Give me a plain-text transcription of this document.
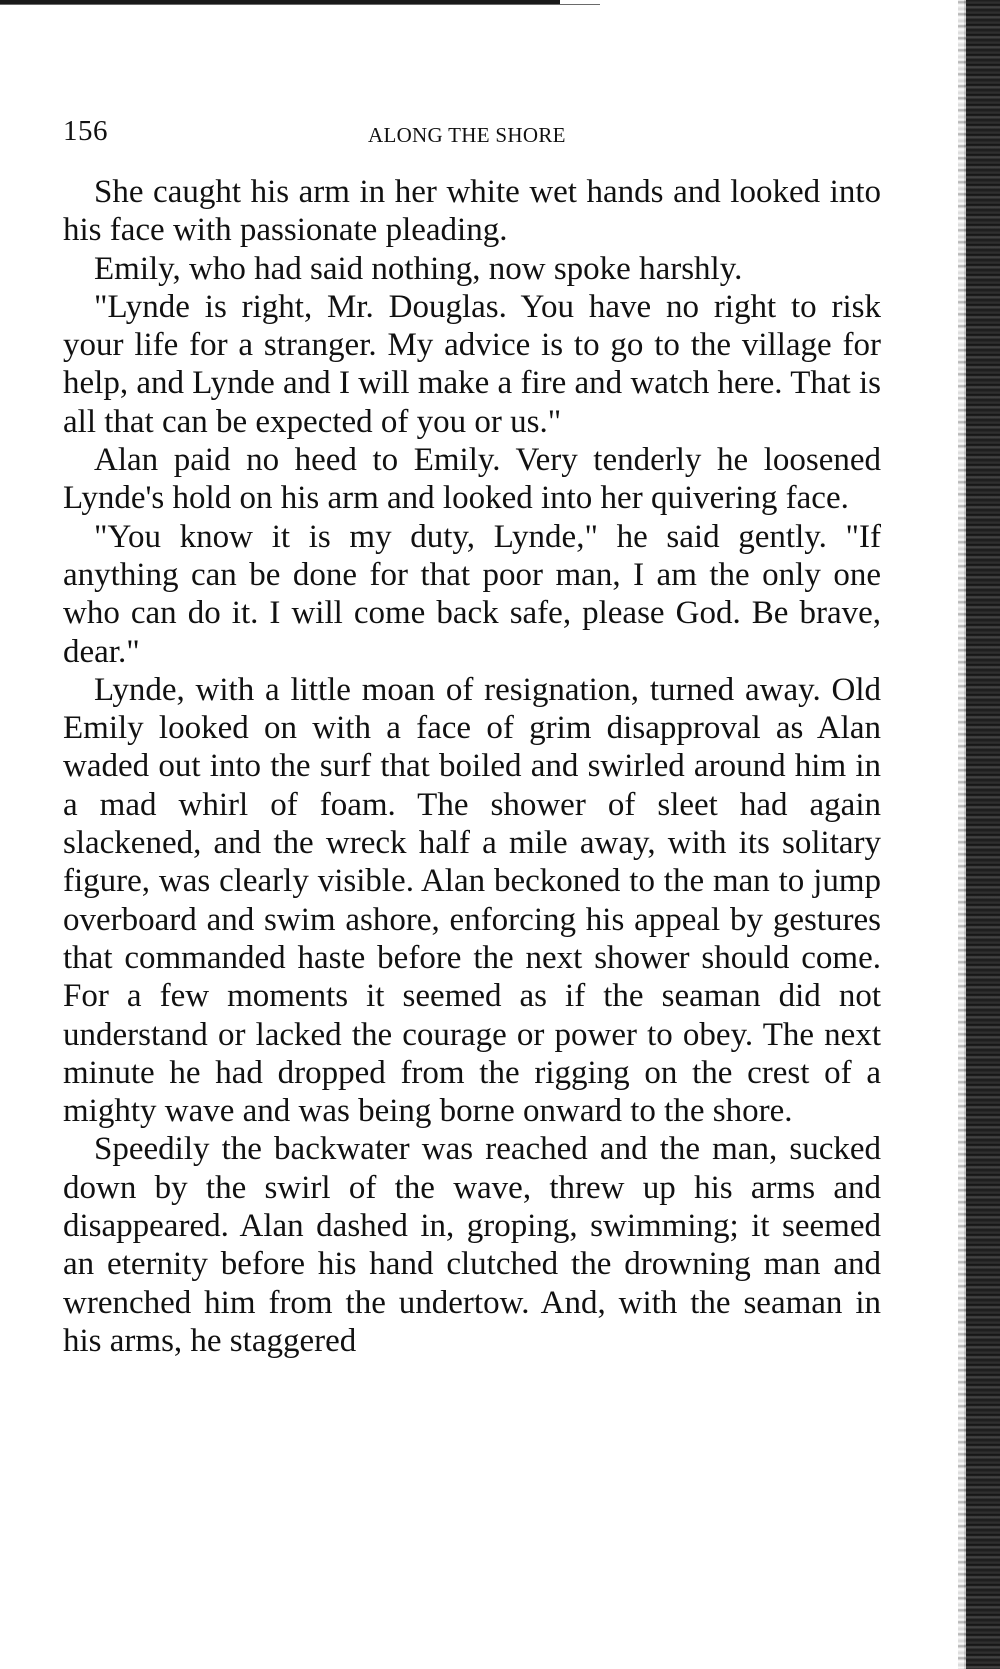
156	ALONG THE SHORE

She caught his arm in her white wet hands and looked into his face with passionate pleading.

Emily, who had said nothing, now spoke harshly.

"Lynde is right, Mr. Douglas. You have no right to risk your life for a stranger. My advice is to go to the village for help, and Lynde and I will make a fire and watch here. That is all that can be expected of you or us."

Alan paid no heed to Emily. Very tenderly he loosened Lynde's hold on his arm and looked into her quivering face.

"You know it is my duty, Lynde," he said gently. "If anything can be done for that poor man, I am the only one who can do it. I will come back safe, please God. Be brave, dear."

Lynde, with a little moan of resignation, turned away. Old Emily looked on with a face of grim disapproval as Alan waded out into the surf that boiled and swirled around him in a mad whirl of foam. The shower of sleet had again slackened, and the wreck half a mile away, with its solitary figure, was clearly visible. Alan beckoned to the man to jump overboard and swim ashore, enforcing his appeal by gestures that commanded haste before the next shower should come. For a few moments it seemed as if the seaman did not understand or lacked the courage or power to obey. The next minute he had dropped from the rigging on the crest of a mighty wave and was being borne onward to the shore.

Speedily the backwater was reached and the man, sucked down by the swirl of the wave, threw up his arms and disappeared. Alan dashed in, groping, swimming; it seemed an eternity before his hand clutched the drowning man and wrenched him from the undertow. And, with the seaman in his arms, he staggered
